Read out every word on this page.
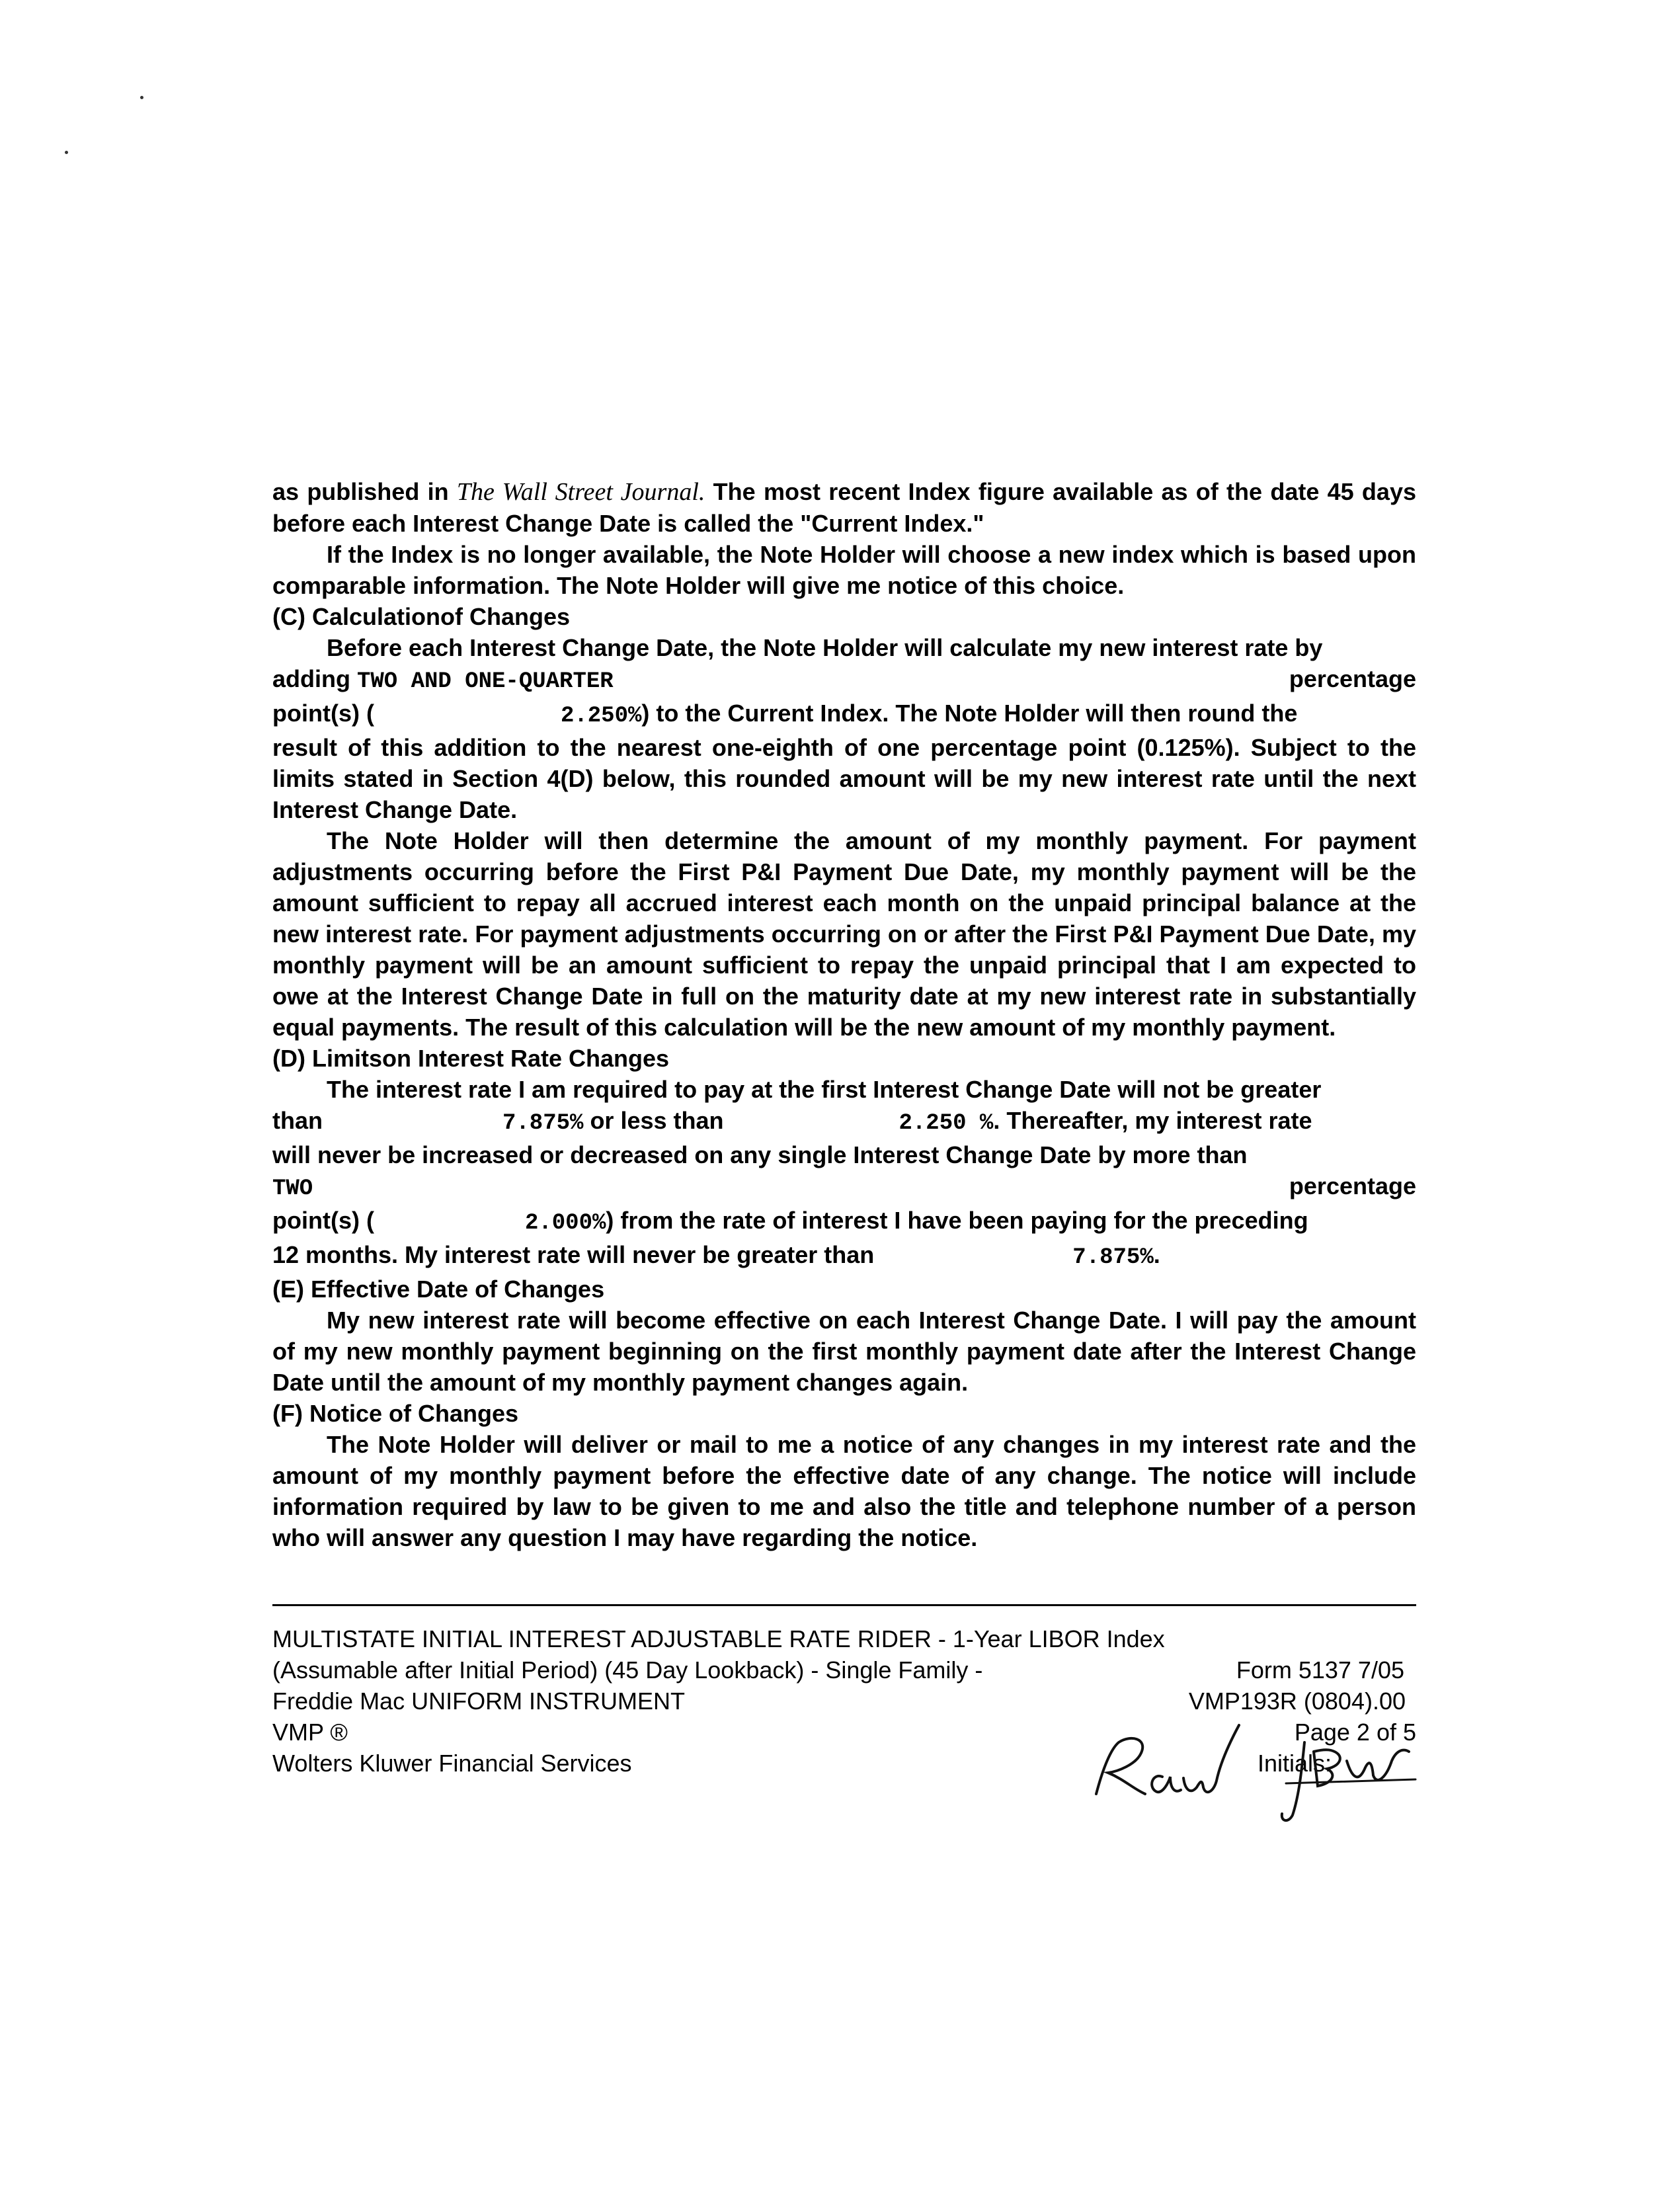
as published in The Wall Street Journal. The most recent Index figure available as of the date 45 days before each Interest Change Date is called the "Current Index."

If the Index is no longer available, the Note Holder will choose a new index which is based upon comparable information. The Note Holder will give me notice of this choice.

(C) Calculationof Changes

Before each Interest Change Date, the Note Holder will calculate my new interest rate by

adding TWO AND ONE-QUARTER	percentage
point(s) (	2.250%) to the Current Index. The Note Holder will then round the

result of this addition to the nearest one-eighth of one percentage point (0.125%). Subject to the limits stated in Section 4(D) below, this rounded amount will be my new interest rate until the next Interest Change Date.

The Note Holder will then determine the amount of my monthly payment. For payment adjustments occurring before the First P&I Payment Due Date, my monthly payment will be the amount sufficient to repay all accrued interest each month on the unpaid principal balance at the new interest rate. For payment adjustments occurring on or after the First P&I Payment Due Date, my monthly payment will be an amount sufficient to repay the unpaid principal that I am expected to owe at the Interest Change Date in full on the maturity date at my new interest rate in substantially equal payments. The result of this calculation will be the new amount of my monthly payment.

(D) Limitson Interest Rate Changes

The interest rate I am required to pay at the first Interest Change Date will not be greater

than	7.875% or less than	2.250 %. Thereafter, my interest rate

will never be increased or decreased on any single Interest Change Date by more than

TWO	percentage
point(s) (	2.000%) from the rate of interest I have been paying for the preceding
12 months. My interest rate will never be greater than	7.875%.

(E) Effective Date of Changes

My new interest rate will become effective on each Interest Change Date. I will pay the amount of my new monthly payment beginning on the first monthly payment date after the Interest Change Date until the amount of my monthly payment changes again.

(F) Notice of Changes

The Note Holder will deliver or mail to me a notice of any changes in my interest rate and the amount of my monthly payment before the effective date of any change. The notice will include information required by law to be given to me and also the title and telephone number of a person who will answer any question I may have regarding the notice.

MULTISTATE INITIAL INTEREST ADJUSTABLE RATE RIDER - 1-Year LIBOR Index
(Assumable after Initial Period) (45 Day Lookback) - Single Family -	Form 5137 7/05
Freddie Mac UNIFORM INSTRUMENT	VMP193R (0804).00
VMP ®	Page 2 of 5
Wolters Kluwer Financial Services	Initials:
